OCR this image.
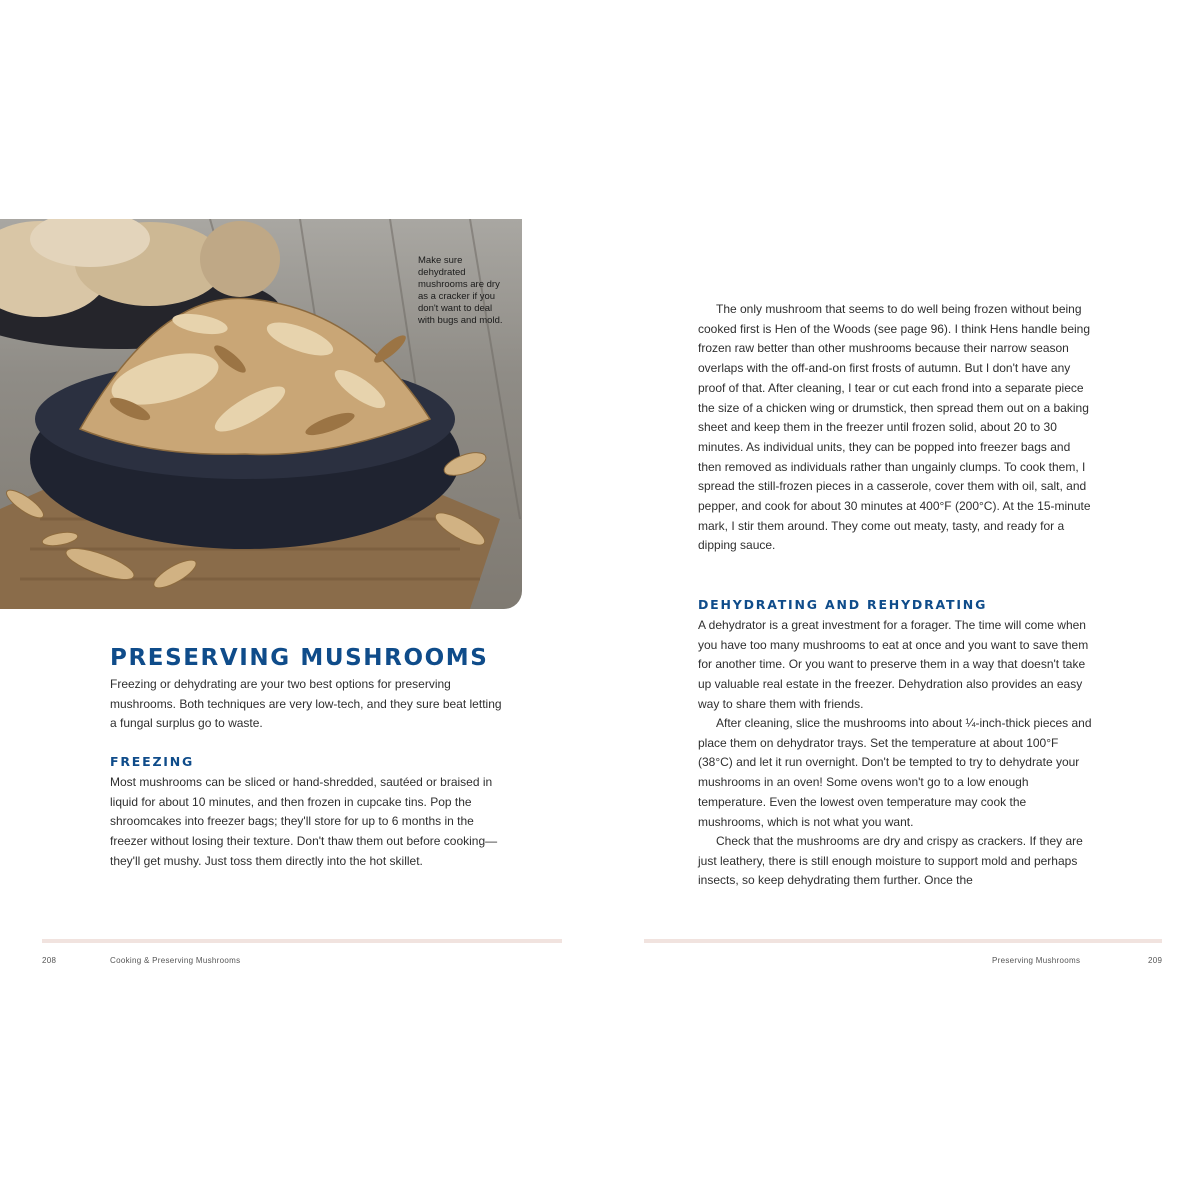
Make sure dehydrated mushrooms are dry as a cracker if you don't want to deal with bugs and mold.
PRESERVING MUSHROOMS

Freezing or dehydrating are your two best options for preserving mushrooms. Both techniques are very low-tech, and they sure beat letting a fungal surplus go to waste.

FREEZING

Most mushrooms can be sliced or hand-shredded, sautéed or braised in liquid for about 10 minutes, and then frozen in cupcake tins. Pop the shroomcakes into freezer bags; they'll store for up to 6 months in the freezer without losing their texture. Don't thaw them out before cooking—they'll get mushy. Just toss them directly into the hot skillet.

208	Cooking & Preserving Mushrooms

The only mushroom that seems to do well being frozen without being cooked first is Hen of the Woods (see page 96). I think Hens handle being frozen raw better than other mushrooms because their narrow season overlaps with the off-and-on first frosts of autumn. But I don't have any proof of that. After cleaning, I tear or cut each frond into a separate piece the size of a chicken wing or drumstick, then spread them out on a baking sheet and keep them in the freezer until frozen solid, about 20 to 30 minutes. As individual units, they can be popped into freezer bags and then removed as individuals rather than ungainly clumps. To cook them, I spread the still-frozen pieces in a casserole, cover them with oil, salt, and pepper, and cook for about 30 minutes at 400°F (200°C). At the 15-minute mark, I stir them around. They come out meaty, tasty, and ready for a dipping sauce.

DEHYDRATING AND REHYDRATING

A dehydrator is a great investment for a forager. The time will come when you have too many mushrooms to eat at once and you want to save them for another time. Or you want to preserve them in a way that doesn't take up valuable real estate in the freezer. Dehydration also provides an easy way to share them with friends.

After cleaning, slice the mushrooms into about ¼-inch-thick pieces and place them on dehydrator trays. Set the temperature at about 100°F (38°C) and let it run overnight. Don't be tempted to try to dehydrate your mushrooms in an oven! Some ovens won't go to a low enough temperature. Even the lowest oven temperature may cook the mushrooms, which is not what you want.

Check that the mushrooms are dry and crispy as crackers. If they are just leathery, there is still enough moisture to support mold and perhaps insects, so keep dehydrating them further. Once the

Preserving Mushrooms	209
